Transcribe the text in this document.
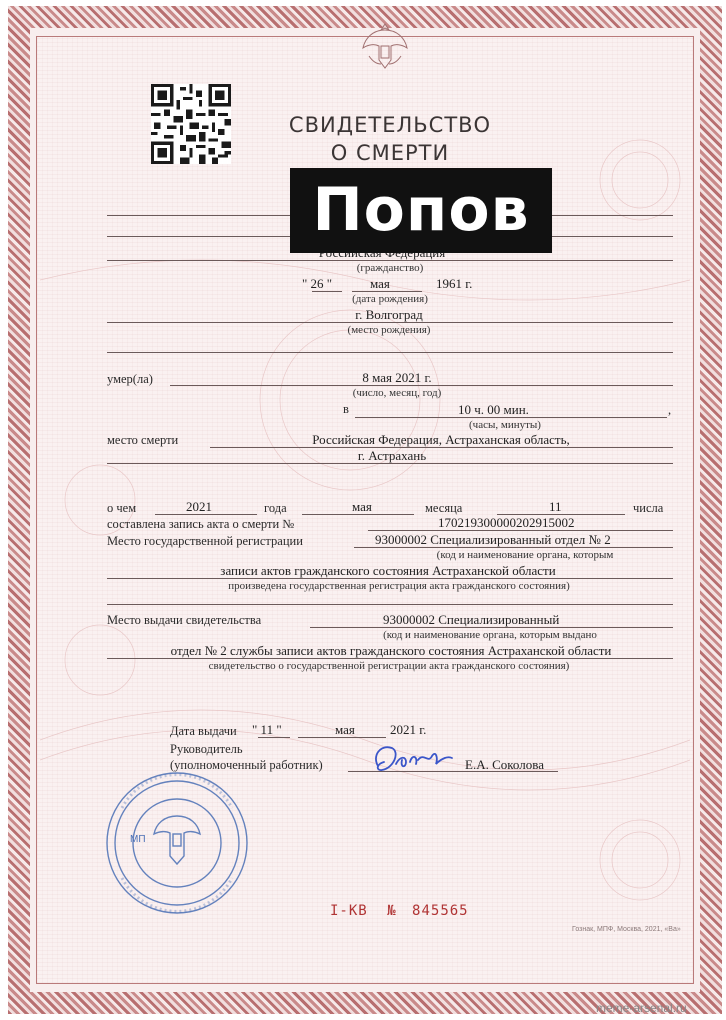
СВИДЕТЕЛЬСТВО
О СМЕРТИ
(гражданство)
" 26 "	мая	1961 г.
(дата рождения)
г. Волгоград
(место рождения)
умер(ла)	8 мая 2021 г.
(число, месяц, год)
в	10 ч. 00 мин.	,
(часы, минуты)
место смерти	Российская Федерация, Астраханская область,
г. Астрахань
о чем	2021	года	мая	месяца	11	числа
составлена запись акта о смерти №	170219300000202915002
Место государственной регистрации	93000002 Специализированный отдел № 2
(код и наименование органа, которым
записи актов гражданского состояния Астраханской области
произведена государственная регистрация акта гражданского состояния)
Место выдачи свидетельства	93000002 Специализированный
(код и наименование органа, которым выдано
отдел № 2 службы записи актов гражданского состояния Астраханской области
свидетельство о государственной регистрации акта гражданского состояния)
Дата выдачи " 11 "	мая	2021 г.
Руководитель
(уполномоченный работник)	Е.А. Соколова
МП
I-КВ № 845565
Гознак, МПФ, Москва, 2021, «Ва»
Попов
meme-arsenal.ru
